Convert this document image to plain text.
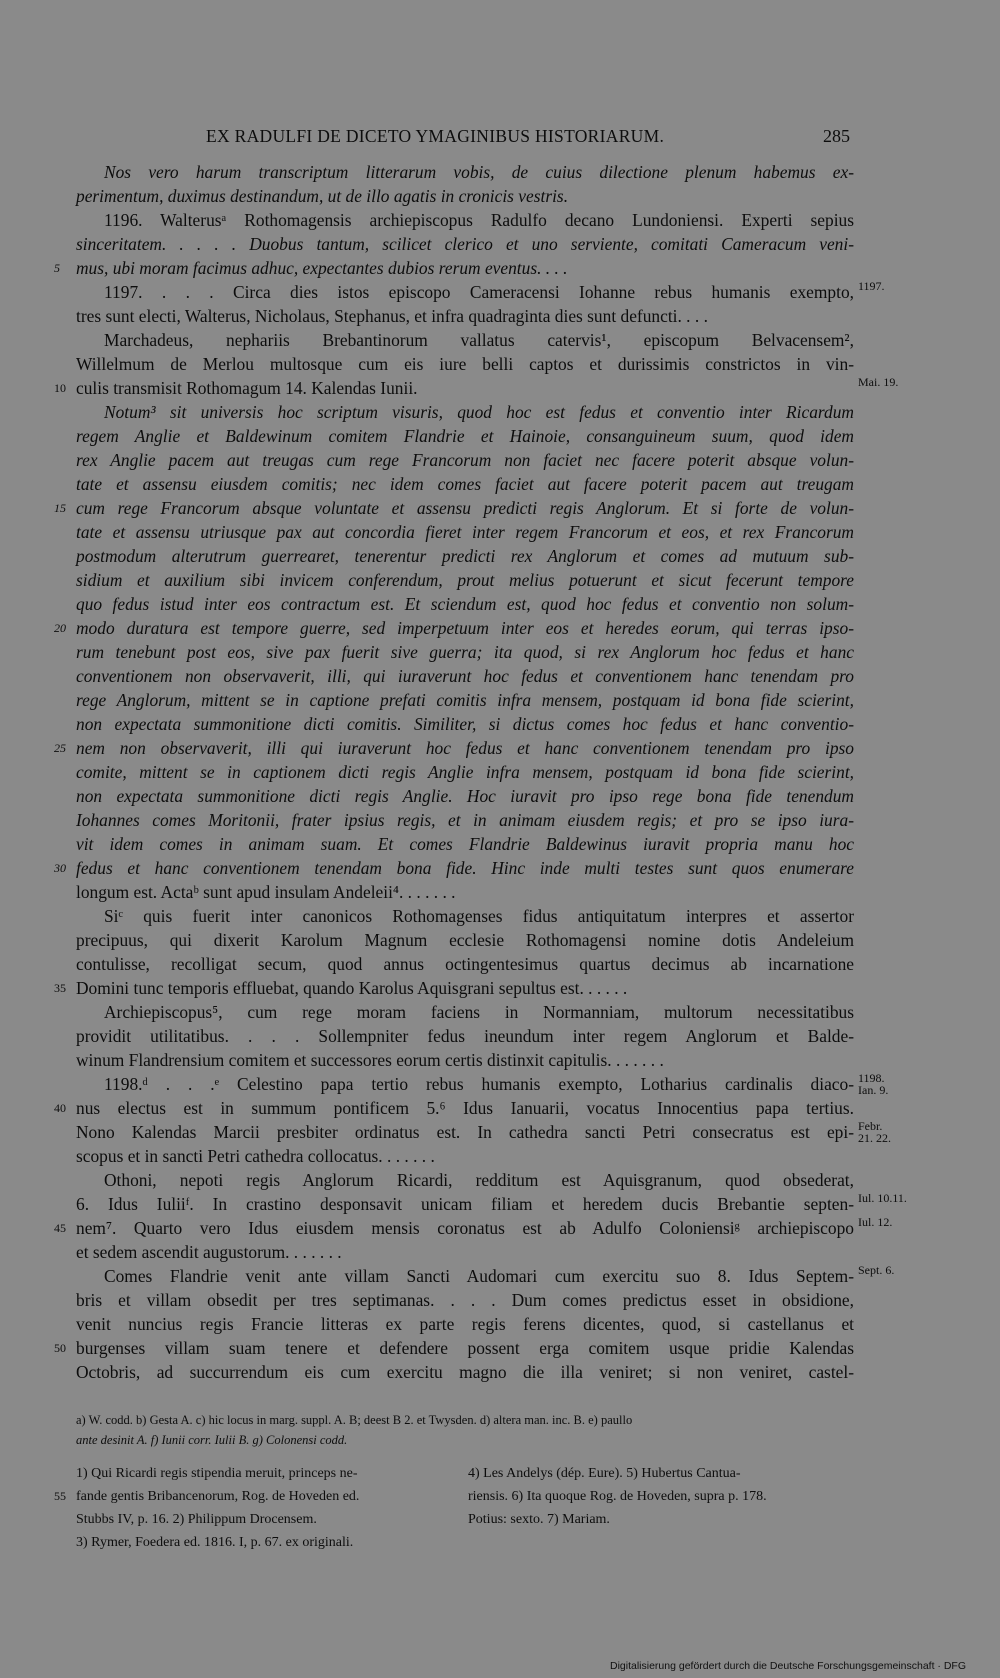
EX RADULFI DE DICETO YMAGINIBUS HISTORIARUM.	285
Nos vero harum transcriptum litterarum vobis, de cuius dilectione plenum habemus ex-
perimentum, duximus destinandum, ut de illo agatis in cronicis vestris.
1196. Walterusᵃ Rothomagensis archiepiscopus Radulfo decano Lundoniensi. Experti sepius
sinceritatem. . . . . Duobus tantum, scilicet clerico et uno serviente, comitati Cameracum veni-
mus, ubi moram facimus adhuc, expectantes dubios rerum eventus. . . .
5
1197. . . . Circa dies istos episcopo Cameracensi Iohanne rebus humanis exempto, 1197.
tres sunt electi, Walterus, Nicholaus, Stephanus, et infra quadraginta dies sunt defuncti. . . .
Marchadeus, nephariis Brebantinorum vallatus catervis¹, episcopum Belvacensem²,
Willelmum de Merlou multosque cum eis iure belli captos et durissimis constrictos in vin-
culis transmisit Rothomagum 14. Kalendas Iunii.
10	Mai. 19.
Notum³ sit universis hoc scriptum visuris, quod hoc est fedus et conventio inter Ricardum
regem Anglie et Baldewinum comitem Flandrie et Hainoie, consanguineum suum, quod idem
rex Anglie pacem aut treugas cum rege Francorum non faciet nec facere poterit absque volun-
tate et assensu eiusdem comitis; nec idem comes faciet aut facere poterit pacem aut treugam
cum rege Francorum absque voluntate et assensu predicti regis Anglorum. Et si forte de volun-
15
tate et assensu utriusque pax aut concordia fieret inter regem Francorum et eos, et rex Francorum
postmodum alterutrum guerrearet, tenerentur predicti rex Anglorum et comes ad mutuum sub-
sidium et auxilium sibi invicem conferendum, prout melius potuerunt et sicut fecerunt tempore
quo fedus istud inter eos contractum est. Et sciendum est, quod hoc fedus et conventio non solum-
modo duratura est tempore guerre, sed imperpetuum inter eos et heredes eorum, qui terras ipso-
20
rum tenebunt post eos, sive pax fuerit sive guerra; ita quod, si rex Anglorum hoc fedus et hanc
conventionem non observaverit, illi, qui iuraverunt hoc fedus et conventionem hanc tenendam pro
rege Anglorum, mittent se in captione prefati comitis infra mensem, postquam id bona fide scierint,
non expectata summonitione dicti comitis. Similiter, si dictus comes hoc fedus et hanc conventio-
nem non observaverit, illi qui iuraverunt hoc fedus et hanc conventionem tenendam pro ipso
25
comite, mittent se in captionem dicti regis Anglie infra mensem, postquam id bona fide scierint,
non expectata summonitione dicti regis Anglie. Hoc iuravit pro ipso rege bona fide tenendum
Iohannes comes Moritonii, frater ipsius regis, et in animam eiusdem regis; et pro se ipso iura-
vit idem comes in animam suam. Et comes Flandrie Baldewinus iuravit propria manu hoc
fedus et hanc conventionem tenendam bona fide. Hinc inde multi testes sunt quos enumerare
30
longum est. Actaᵇ sunt apud insulam Andeleii⁴. . . . . . .
Siᶜ quis fuerit inter canonicos Rothomagenses fidus antiquitatum interpres et assertor
precipuus, qui dixerit Karolum Magnum ecclesie Rothomagensi nomine dotis Andeleium
contulisse, recolligat secum, quod annus octingentesimus quartus decimus ab incarnatione
Domini tunc temporis effluebat, quando Karolus Aquisgrani sepultus est. . . . . .
35
Archiepiscopus⁵, cum rege moram faciens in Normanniam, multorum necessitatibus
providit utilitatibus. . . . Sollempniter fedus ineundum inter regem Anglorum et Balde-
winum Flandrensium comitem et successores eorum certis distinxit capitulis. . . . . . .
1198.ᵈ . . .ᵉ Celestino papa tertio rebus humanis exempto, Lotharius cardinalis diaco- 1198.
Ian. 9.
nus electus est in summum pontificem 5.⁶ Idus Ianuarii, vocatus Innocentius papa tertius.
40
Nono Kalendas Marcii presbiter ordinatus est. In cathedra sancti Petri consecratus est epi- Febr.
21. 22.
scopus et in sancti Petri cathedra collocatus. . . . . . .
Othoni, nepoti regis Anglorum Ricardi, redditum est Aquisgranum, quod obsederat,
6. Idus Iuliiᶠ. In crastino desponsavit unicam filiam et heredem ducis Brebantie septen- Iul. 10.11.
nem⁷. Quarto vero Idus eiusdem mensis coronatus est ab Adulfo Coloniensiᵍ archiepiscopo
45	Iul. 12.
et sedem ascendit augustorum. . . . . . .
Comes Flandrie venit ante villam Sancti Audomari cum exercitu suo 8. Idus Septem- Sept. 6.
bris et villam obsedit per tres septimanas. . . . Dum comes predictus esset in obsidione,
venit nuncius regis Francie litteras ex parte regis ferens dicentes, quod, si castellanus et
burgenses villam suam tenere et defendere possent erga comitem usque pridie Kalendas
50
Octobris, ad succurrendum eis cum exercitu magno die illa veniret; si non veniret, castel-
a) W. codd. b) Gesta A. c) hic locus in marg. suppl. A. B; deest B 2. et Twysden. d) altera man. inc. B. e) paullo
ante desinit A. f) Iunii corr. Iulii B. g) Colonensi codd.
55
1) Qui Ricardi regis stipendia meruit, princeps ne-
fande gentis Bribancenorum, Rog. de Hoveden ed.
Stubbs IV, p. 16. 2) Philippum Drocensem.
3) Rymer, Foedera ed. 1816. I, p. 67. ex originali.
4) Les Andelys (dép. Eure). 5) Hubertus Cantua-
riensis. 6) Ita quoque Rog. de Hoveden, supra p. 178.
Potius: sexto. 7) Mariam.
Digitalisierung gefördert durch die Deutsche Forschungsgemeinschaft · DFG
